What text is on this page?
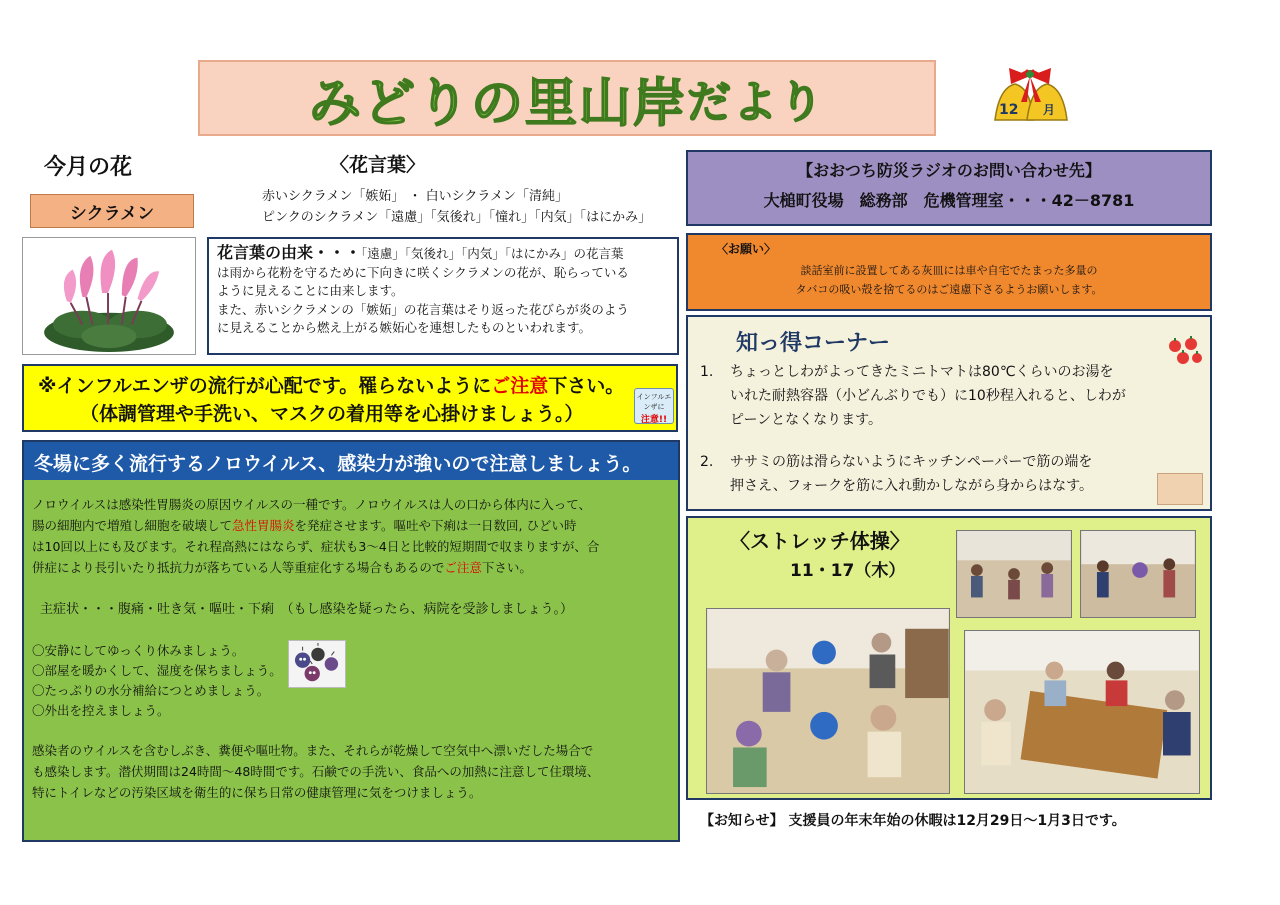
みどりの里山岸 だより	12 月
今月の花
シクラメン
〈花言葉〉
赤いシクラメン「嫉妬」 ・ 白いシクラメン「清純」
ピンクのシクラメン「遠慮」「気後れ」「憧れ」「内気」「はにかみ」
花言葉の由来・・・「遠慮」「気後れ」「内気」「はにかみ」の花言葉
は雨から花粉を守るために下向きに咲くシクラメンの花が、恥らっている
ように見えることに由来します。
また、赤いシクラメンの「嫉妬」の花言葉はそり返った花びらが炎のよう
に見えることから燃え上がる嫉妬心を連想したものといわれます。
※インフルエンザの流行が心配です。罹らないようにご注意下さい。
（体調管理や手洗い、マスクの着用等を心掛けましょう。）
インフルエンザに
注意!!
冬場に多く流行するノロウイルス、感染力が強いので注意しましょう。
ノロウイルスは感染性胃腸炎の原因ウイルスの一種です。ノロウイルスは人の口から体内に入って、
腸の細胞内で増殖し細胞を破壊して急性胃腸炎を発症させます。嘔吐や下痢は一日数回, ひどい時
は10回以上にも及びます。それ程高熱にはならず、症状も3～4日と比較的短期間で収まりますが、合
併症により長引いたり抵抗力が落ちている人等重症化する場合もあるのでご注意下さい。
主症状・・・腹痛・吐き気・嘔吐・下痢　（もし感染を疑ったら、病院を受診しましょう。）
〇安静にしてゆっくり休みましょう。
〇部屋を暖かくして、湿度を保ちましょう。
〇たっぷりの水分補給につとめましょう。
〇外出を控えましょう。
感染者のウイルスを含むしぶき、糞便や嘔吐物。また、それらが乾燥して空気中へ漂いだした場合で
も感染します。潜伏期間は24時間～48時間です。石鹸での手洗い、食品への加熱に注意して住環境、
特にトイレなどの汚染区域を衛生的に保ち日常の健康管理に気をつけましょう。
【おおつち防災ラジオのお問い合わせ先】
大槌町役場　総務部　危機管理室・・・42－8781
〈お願い〉
談話室前に設置してある灰皿には車や自宅でたまった多量の
タバコの吸い殻を捨てるのはご遠慮下さるようお願いします。
知っ得コーナー
1. ちょっとしわがよってきたミニトマトは80℃くらいのお湯を
いれた耐熱容器（小どんぶりでも）に10秒程入れると、しわが
ピーンとなくなります。
2. ササミの筋は滑らないようにキッチンペーパーで筋の端を
押さえ、フォークを筋に入れ動かしながら身からはなす。
〈ストレッチ体操〉
11・17（木）
【お知らせ】 支援員の年末年始の休暇は12月29日～1月3日です。
